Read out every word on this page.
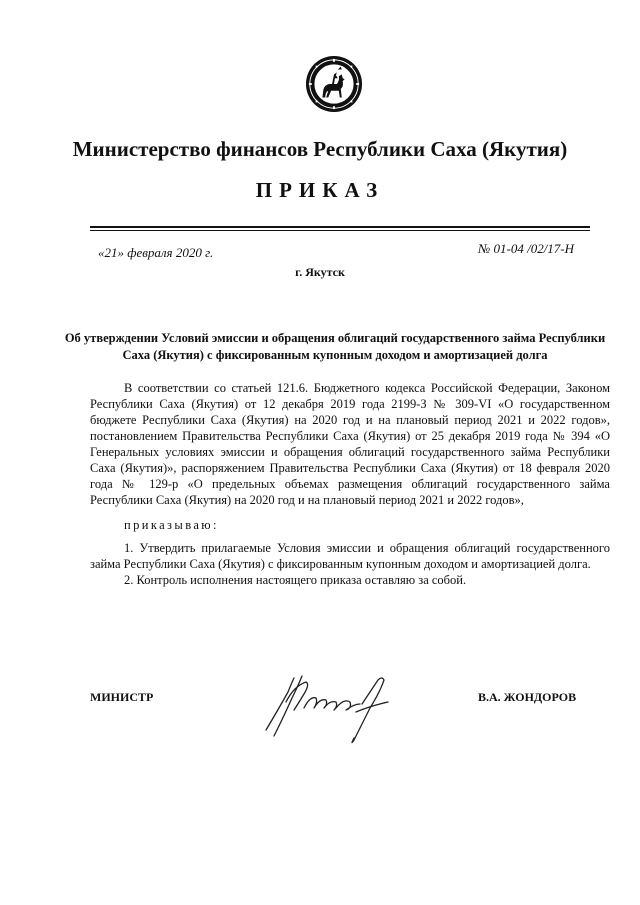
Министерство финансов Республики Саха (Якутия)
ПРИКАЗ
«21» февраля 2020 г.	№ 01-04 /02/17-Н
г. Якутск
Об утверждении Условий эмиссии и обращения облигаций государственного займа Республики Саха (Якутия) с фиксированным купонным доходом и амортизацией долга

В соответствии со статьей 121.6. Бюджетного кодекса Российской Федерации, Законом Республики Саха (Якутия) от 12 декабря 2019 года 2199-З № 309-VI «О государственном бюджете Республики Саха (Якутия) на 2020 год и на плановый период 2021 и 2022 годов», постановлением Правительства Республики Саха (Якутия) от 25 декабря 2019 года № 394 «О Генеральных условиях эмиссии и обращения облигаций государственного займа Республики Саха (Якутия)», распоряжением Правительства Республики Саха (Якутия) от 18 февраля 2020 года № 129-р «О предельных объемах размещения облигаций государственного займа Республики Саха (Якутия) на 2020 год и на плановый период 2021 и 2022 годов»,

приказываю:

1. Утвердить прилагаемые Условия эмиссии и обращения облигаций государственного займа Республики Саха (Якутия) с фиксированным купонным доходом и амортизацией долга.

2. Контроль исполнения настоящего приказа оставляю за собой.

МИНИСТР	В.А. ЖОНДОРОВ
